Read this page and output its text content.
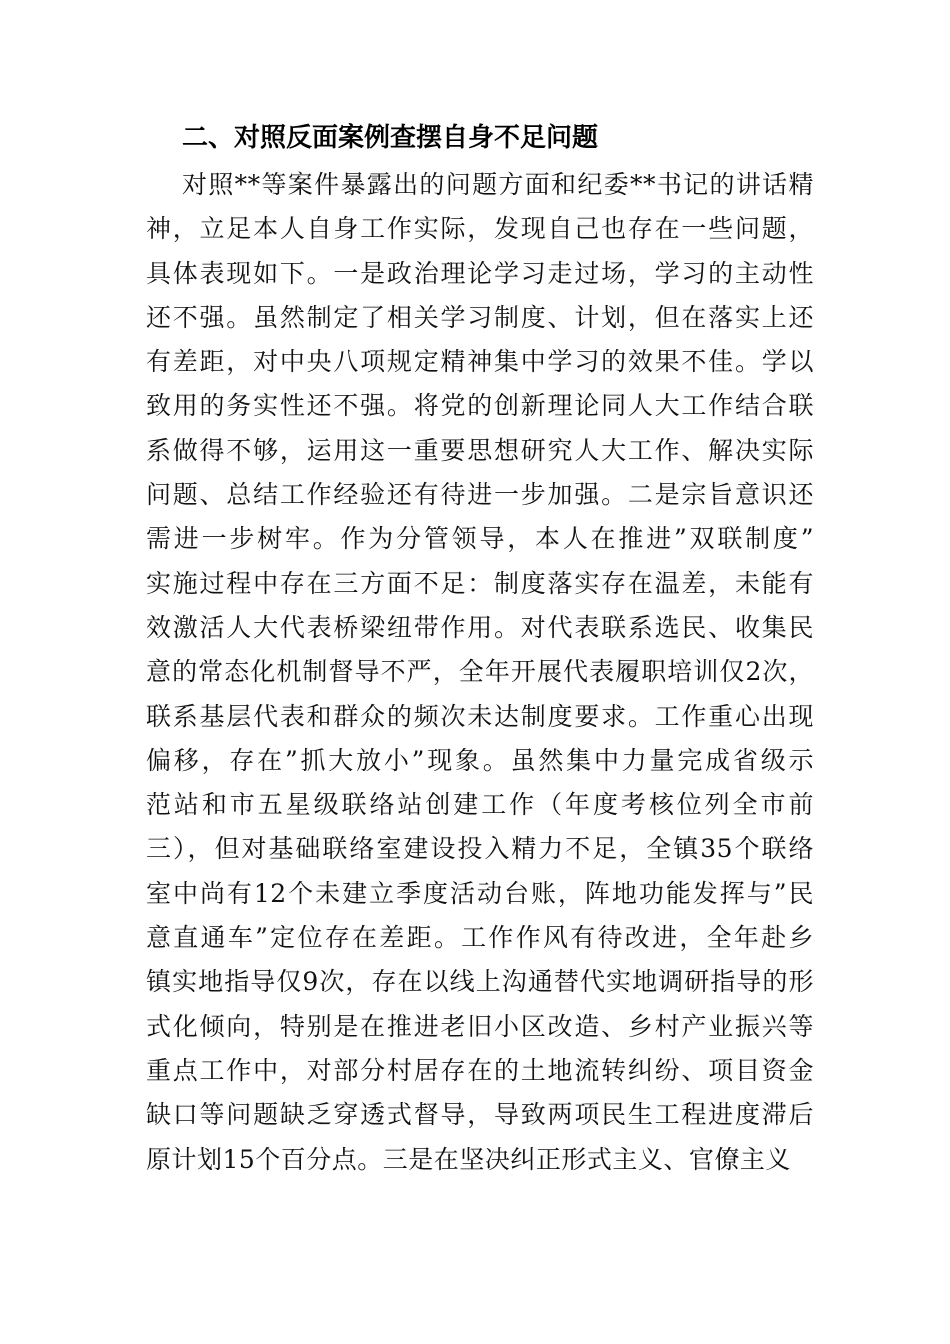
二、对照反面案例查摆自身不足问题
对照**等案件暴露出的问题方面和纪委**书记的讲话精
神，立足本人自身工作实际，发现自己也存在一些问题，
具体表现如下。一是政治理论学习走过场，学习的主动性
还不强。虽然制定了相关学习制度、计划，但在落实上还
有差距，对中央八项规定精神集中学习的效果不佳。学以
致用的务实性还不强。将党的创新理论同人大工作结合联
系做得不够，运用这一重要思想研究人大工作、解决实际
问题、总结工作经验还有待进一步加强。二是宗旨意识还
需进一步树牢。作为分管领导，本人在推进”双联制度”
实施过程中存在三方面不足：制度落实存在温差，未能有
效激活人大代表桥梁纽带作用。对代表联系选民、收集民
意的常态化机制督导不严，全年开展代表履职培训仅2次，
联系基层代表和群众的频次未达制度要求。工作重心出现
偏移，存在”抓大放小”现象。虽然集中力量完成省级示
范站和市五星级联络站创建工作（年度考核位列全市前
三），但对基础联络室建设投入精力不足，全镇35个联络
室中尚有12个未建立季度活动台账，阵地功能发挥与”民
意直通车”定位存在差距。工作作风有待改进，全年赴乡
镇实地指导仅9次，存在以线上沟通替代实地调研指导的形
式化倾向，特别是在推进老旧小区改造、乡村产业振兴等
重点工作中，对部分村居存在的土地流转纠纷、项目资金
缺口等问题缺乏穿透式督导，导致两项民生工程进度滞后
原计划15个百分点。三是在坚决纠正形式主义、官僚主义
